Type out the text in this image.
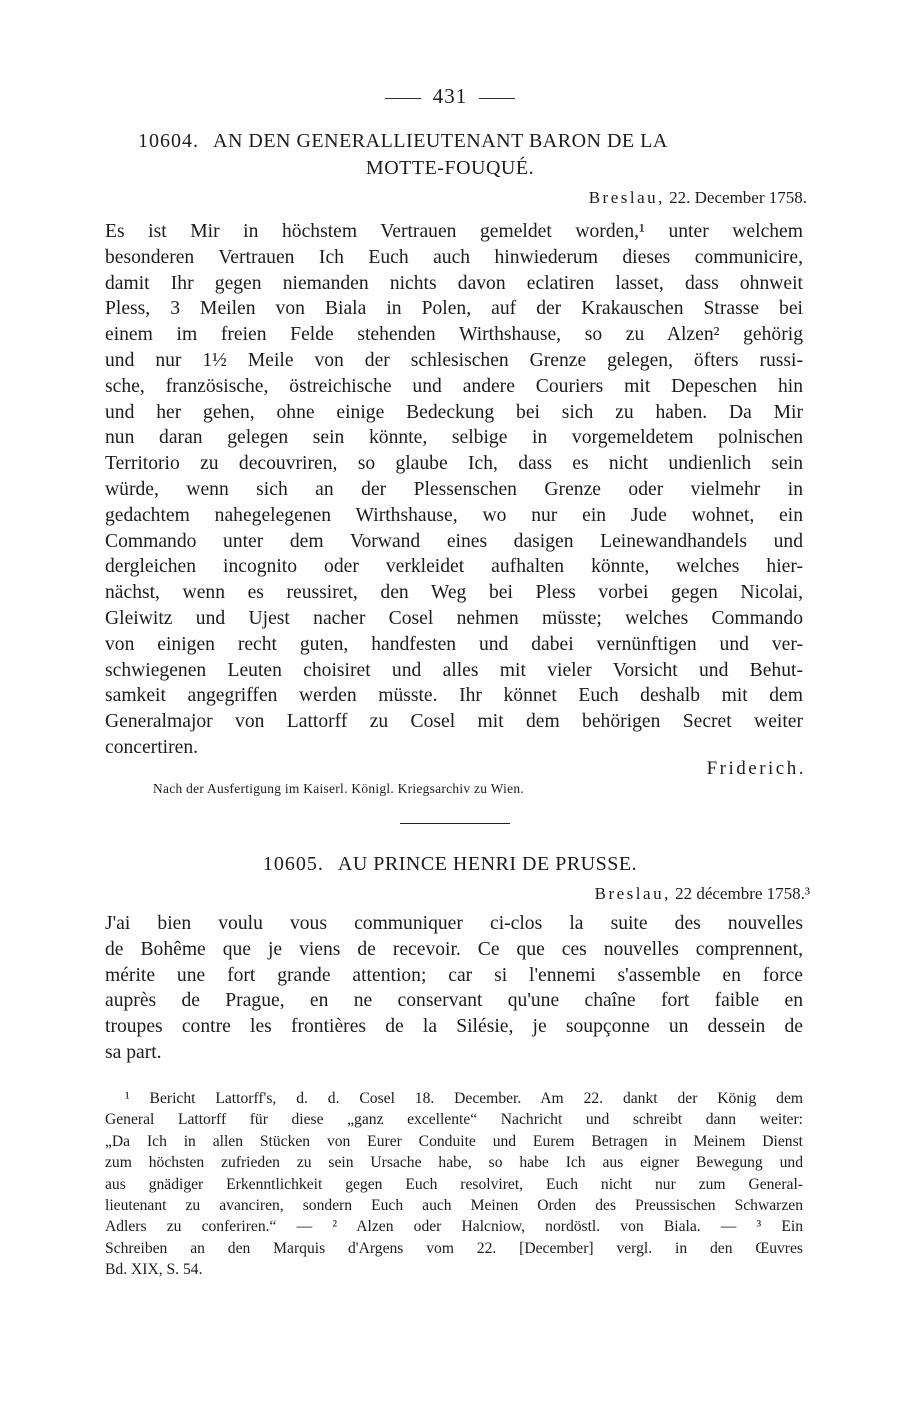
431
10604. AN DEN GENERALLIEUTENANT BARON DE LA
MOTTE-FOUQUÉ.
Breslau, 22. December 1758.
Es ist Mir in höchstem Vertrauen gemeldet worden,¹ unter welchem
besonderen Vertrauen Ich Euch auch hinwiederum dieses communicire,
damit Ihr gegen niemanden nichts davon eclatiren lasset, dass ohnweit
Pless, 3 Meilen von Biala in Polen, auf der Krakauschen Strasse bei
einem im freien Felde stehenden Wirthshause, so zu Alzen² gehörig
und nur 1½ Meile von der schlesischen Grenze gelegen, öfters russi-
sche, französische, östreichische und andere Couriers mit Depeschen hin
und her gehen, ohne einige Bedeckung bei sich zu haben. Da Mir
nun daran gelegen sein könnte, selbige in vorgemeldetem polnischen
Territorio zu decouvriren, so glaube Ich, dass es nicht undienlich sein
würde, wenn sich an der Plessenschen Grenze oder vielmehr in
gedachtem nahegelegenen Wirthshause, wo nur ein Jude wohnet, ein
Commando unter dem Vorwand eines dasigen Leinewandhandels und
dergleichen incognito oder verkleidet aufhalten könnte, welches hier-
nächst, wenn es reussiret, den Weg bei Pless vorbei gegen Nicolai,
Gleiwitz und Ujest nacher Cosel nehmen müsste; welches Commando
von einigen recht guten, handfesten und dabei vernünftigen und ver-
schwiegenen Leuten choisiret und alles mit vieler Vorsicht und Behut-
samkeit angegriffen werden müsste. Ihr könnet Euch deshalb mit dem
Generalmajor von Lattorff zu Cosel mit dem behörigen Secret weiter
concertiren.
Friderich.
Nach der Ausfertigung im Kaiserl. Königl. Kriegsarchiv zu Wien.
10605. AU PRINCE HENRI DE PRUSSE.
Breslau, 22 décembre 1758.³
J'ai bien voulu vous communiquer ci-clos la suite des nouvelles
de Bohême que je viens de recevoir. Ce que ces nouvelles comprennent,
mérite une fort grande attention; car si l'ennemi s'assemble en force
auprès de Prague, en ne conservant qu'une chaîne fort faible en
troupes contre les frontières de la Silésie, je soupçonne un dessein de
sa part.
¹ Bericht Lattorff's, d. d. Cosel 18. December. Am 22. dankt der König dem
General Lattorff für diese „ganz excellente“ Nachricht und schreibt dann weiter:
„Da Ich in allen Stücken von Eurer Conduite und Eurem Betragen in Meinem Dienst
zum höchsten zufrieden zu sein Ursache habe, so habe Ich aus eigner Bewegung und
aus gnädiger Erkenntlichkeit gegen Euch resolviret, Euch nicht nur zum General-
lieutenant zu avanciren, sondern Euch auch Meinen Orden des Preussischen Schwarzen
Adlers zu conferiren.“ — ² Alzen oder Halcniow, nordöstl. von Biala. — ³ Ein
Schreiben an den Marquis d'Argens vom 22. [December] vergl. in den Œuvres
Bd. XIX, S. 54.
